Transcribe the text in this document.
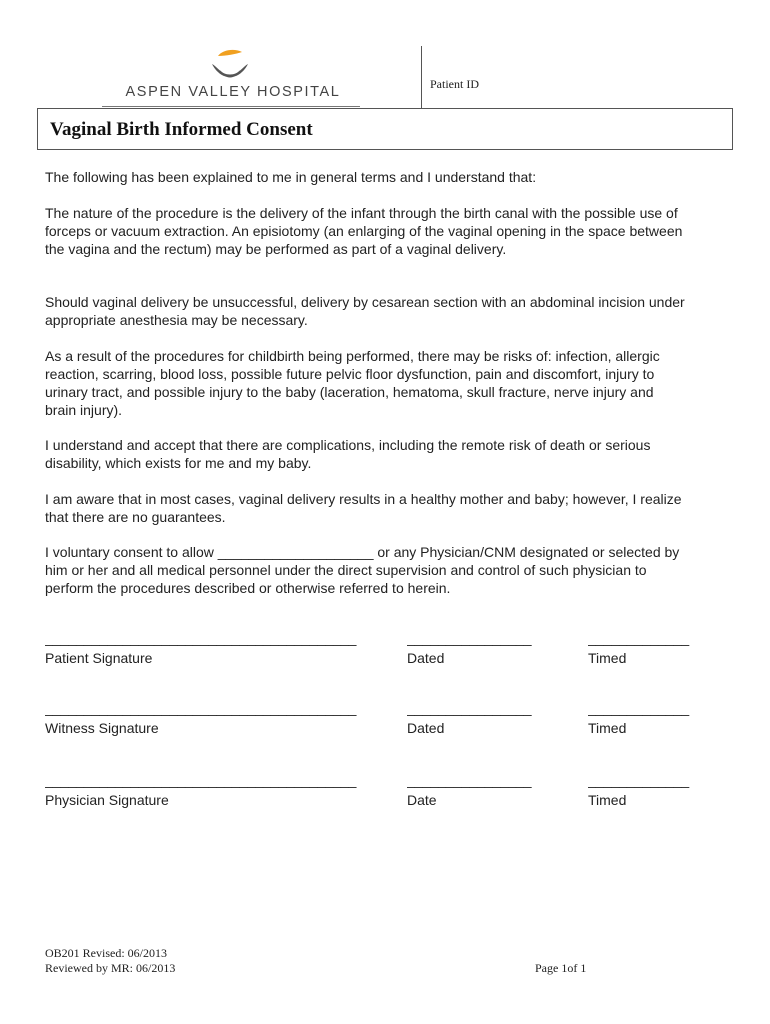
ASPEN VALLEY HOSPITAL	Patient ID
Vaginal Birth Informed Consent

The following has been explained to me in general terms and I understand that:

The nature of the procedure is the delivery of the infant through the birth canal with the possible use of forceps or vacuum extraction. An episiotomy (an enlarging of the vaginal opening in the space between the vagina and the rectum) may be performed as part of a vaginal delivery.

Should vaginal delivery be unsuccessful, delivery by cesarean section with an abdominal incision under appropriate anesthesia may be necessary.

As a result of the procedures for childbirth being performed, there may be risks of: infection, allergic reaction, scarring, blood loss, possible future pelvic floor dysfunction, pain and discomfort, injury to urinary tract, and possible injury to the baby (laceration, hematoma, skull fracture, nerve injury and brain injury).

I understand and accept that there are complications, including the remote risk of death or serious disability, which exists for me and my baby.

I am aware that in most cases, vaginal delivery results in a healthy mother and baby; however, I realize that there are no guarantees.

I voluntary consent to allow ____________________ or any Physician/CNM designated or selected by him or her and all medical personnel under the direct supervision and control of such physician to perform the procedures described or otherwise referred to herein.

________________________________________	________________	_____________
Patient Signature	Dated	Timed
________________________________________	________________	_____________
Witness Signature	Dated	Timed
________________________________________	________________	_____________
Physician Signature	Date	Timed
OB201 Revised: 06/2013
Reviewed by MR: 06/2013	Page 1of 1
